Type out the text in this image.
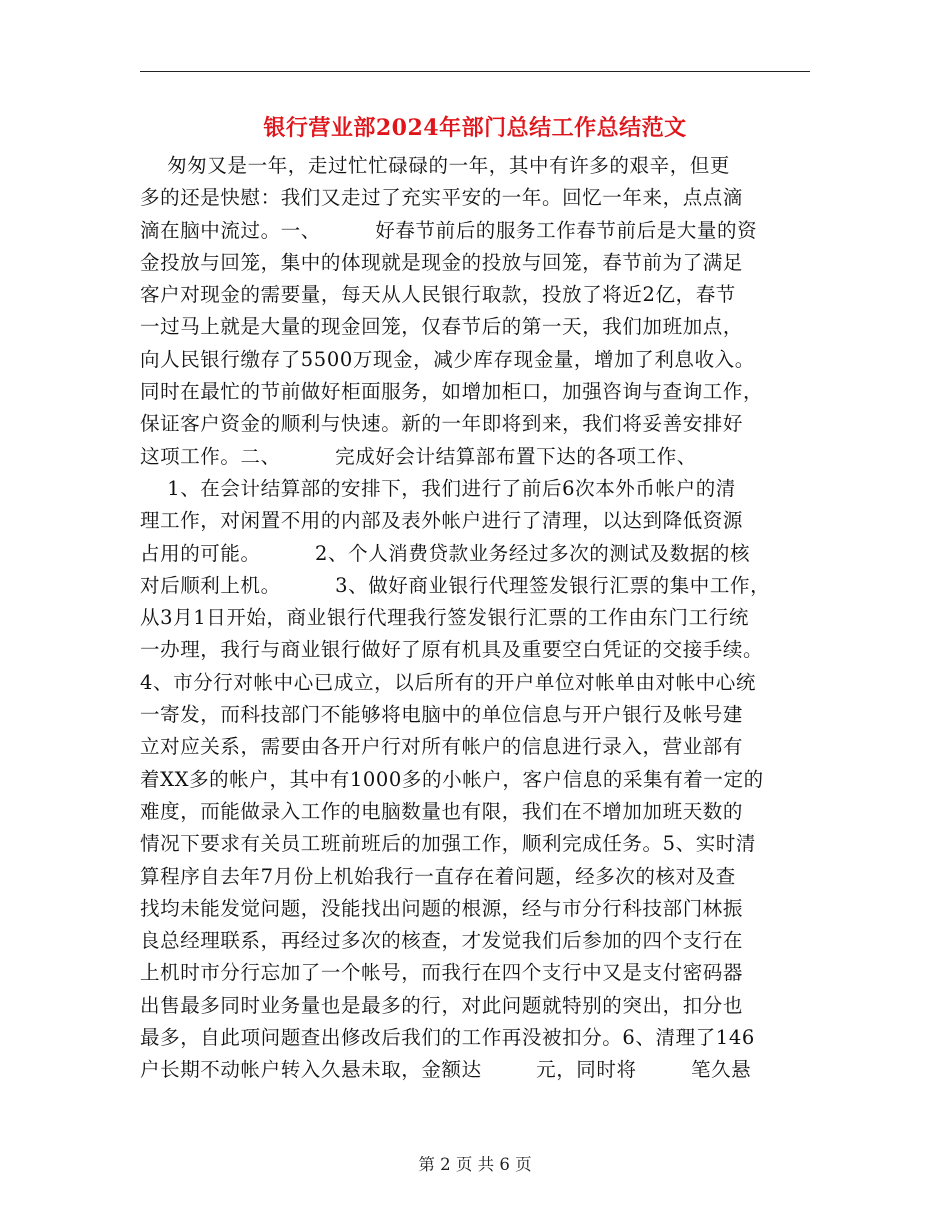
银行营业部2024年部门总结工作总结范文
匆匆又是一年，走过忙忙碌碌的一年，其中有许多的艰辛，但更
多的还是快慰：我们又走过了充实平安的一年。回忆一年来，点点滴
滴在脑中流过。一、        好春节前后的服务工作春节前后是大量的资
金投放与回笼，集中的体现就是现金的投放与回笼，春节前为了满足
客户对现金的需要量，每天从人民银行取款，投放了将近2亿，春节
一过马上就是大量的现金回笼，仅春节后的第一天，我们加班加点，
向人民银行缴存了5500万现金，减少库存现金量，增加了利息收入。
同时在最忙的节前做好柜面服务，如增加柜口，加强咨询与查询工作，
保证客户资金的顺利与快速。新的一年即将到来，我们将妥善安排好
这项工作。二、        完成好会计结算部布置下达的各项工作、
1、在会计结算部的安排下，我们进行了前后6次本外币帐户的清
理工作，对闲置不用的内部及表外帐户进行了清理，以达到降低资源
占用的可能。        2、个人消费贷款业务经过多次的测试及数据的核
对后顺利上机。        3、做好商业银行代理签发银行汇票的集中工作，
从3月1日开始，商业银行代理我行签发银行汇票的工作由东门工行统
一办理，我行与商业银行做好了原有机具及重要空白凭证的交接手续。
4、市分行对帐中心已成立，以后所有的开户单位对帐单由对帐中心统
一寄发，而科技部门不能够将电脑中的单位信息与开户银行及帐号建
立对应关系，需要由各开户行对所有帐户的信息进行录入，营业部有
着XX多的帐户，其中有1000多的小帐户，客户信息的采集有着一定的
难度，而能做录入工作的电脑数量也有限，我们在不增加加班天数的
情况下要求有关员工班前班后的加强工作，顺利完成任务。5、实时清
算程序自去年7月份上机始我行一直存在着问题，经多次的核对及查
找均未能发觉问题，没能找出问题的根源，经与市分行科技部门林振
良总经理联系，再经过多次的核查，才发觉我们后参加的四个支行在
上机时市分行忘加了一个帐号，而我行在四个支行中又是支付密码器
出售最多同时业务量也是最多的行，对此问题就特别的突出，扣分也
最多，自此项问题查出修改后我们的工作再没被扣分。6、清理了146
户长期不动帐户转入久悬未取，金额达        元，同时将        笔久悬
第 2 页 共 6 页
